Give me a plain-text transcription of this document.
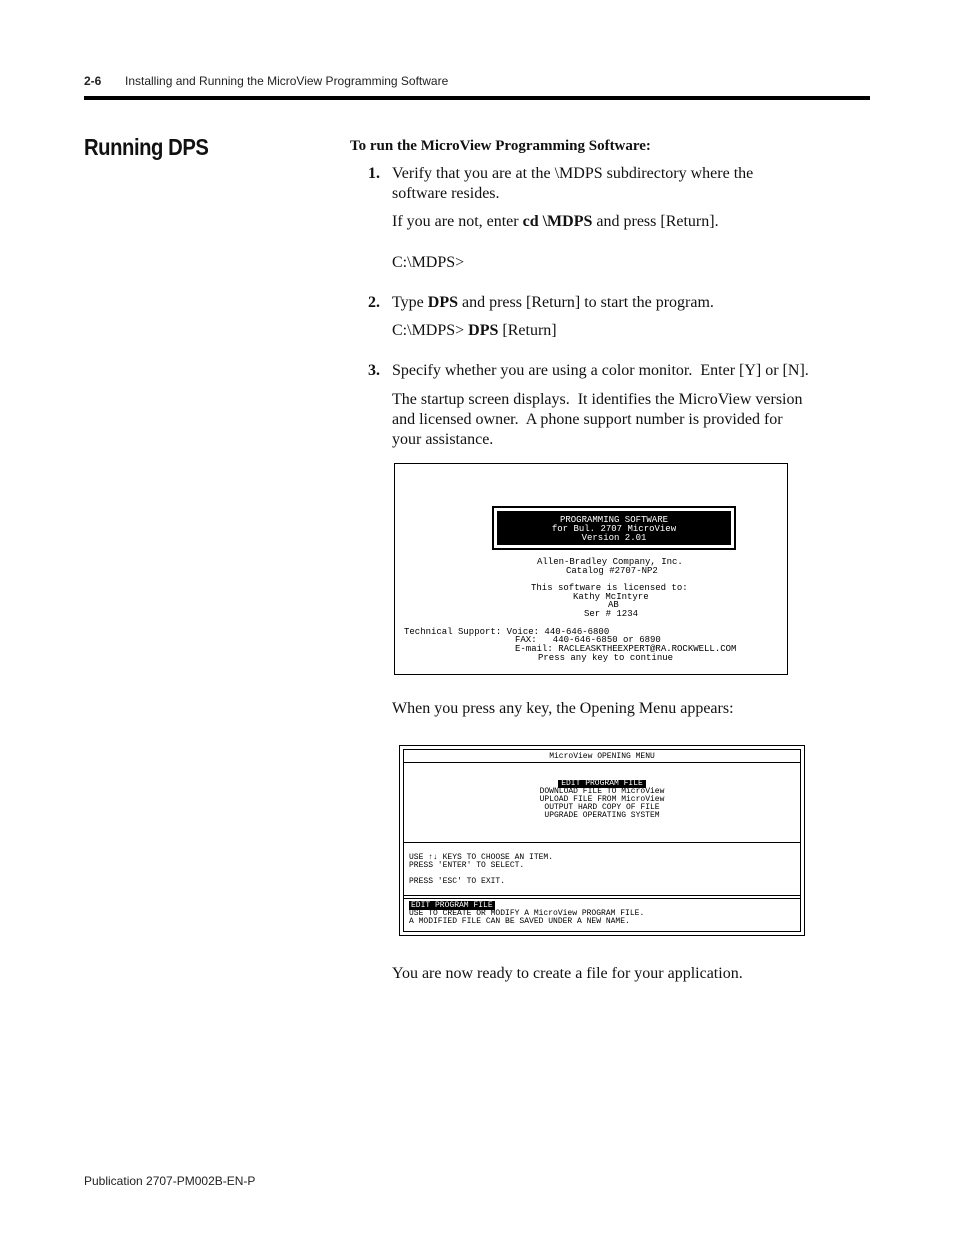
2-6 Installing and Running the MicroView Programming Software
Running DPS	To run the MicroView Programming Software:
1. Verify that you are at the \MDPS subdirectory where the
software resides.
If you are not, enter cd \MDPS and press [Return].
C:\MDPS>
2. Type DPS and press [Return] to start the program.
C:\MDPS> DPS [Return]
3. Specify whether you are using a color monitor.  Enter [Y] or [N].
The startup screen displays.  It identifies the MicroView version
and licensed owner.  A phone support number is provided for
your assistance.
PROGRAMMING SOFTWARE
for Bul. 2707 MicroView
Version 2.01
Allen-Bradley Company, Inc.
Catalog #2707-NP2
This software is licensed to:
Kathy McIntyre
AB
Ser # 1234
Technical Support: Voice: 440-646-6800
FAX:   440-646-6850 or 6890
E-mail: RACLEASKTHEEXPERT@RA.ROCKWELL.COM
Press any key to continue
When you press any key, the Opening Menu appears:
MicroView OPENING MENU
EDIT PROGRAM FILE
DOWNLOAD FILE TO MicroView
UPLOAD FILE FROM MicroView
OUTPUT HARD COPY OF FILE
UPGRADE OPERATING SYSTEM
USE ↑↓ KEYS TO CHOOSE AN ITEM.
PRESS 'ENTER' TO SELECT.
PRESS 'ESC' TO EXIT.
EDIT PROGRAM FILE
USE TO CREATE OR MODIFY A MicroView PROGRAM FILE.
A MODIFIED FILE CAN BE SAVED UNDER A NEW NAME.
You are now ready to create a file for your application.
Publication 2707-PM002B-EN-P
